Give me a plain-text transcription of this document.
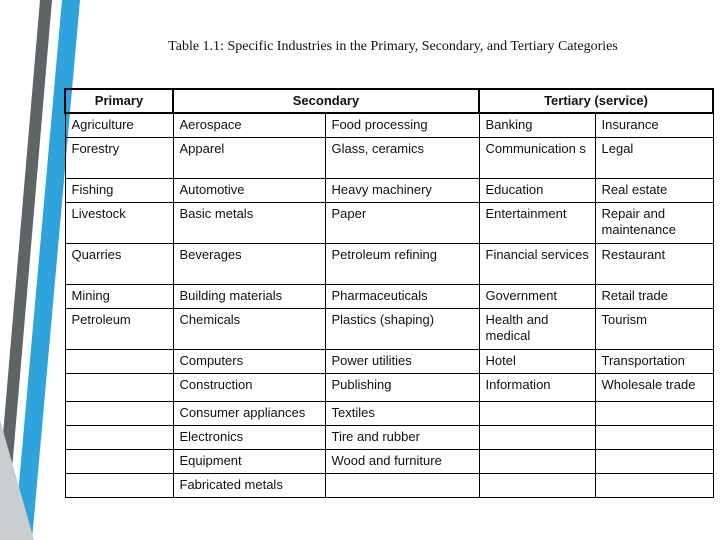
Table 1.1: Specific Industries in the Primary, Secondary, and Tertiary Categories
Primary	Secondary		Tertiary (service)	
Agriculture	Aerospace	Food processing	Banking	Insurance
Forestry	Apparel	Glass, ceramics	Communication s	Legal
Fishing	Automotive	Heavy machinery	Education	Real estate
Livestock	Basic metals	Paper	Entertainment	Repair and maintenance
Quarries	Beverages	Petroleum refining	Financial services	Restaurant
Mining	Building materials	Pharmaceuticals	Government	Retail trade
Petroleum	Chemicals	Plastics (shaping)	Health and medical	Tourism
	Computers	Power utilities	Hotel	Transportation
	Construction	Publishing	Information	Wholesale trade
	Consumer appliances	Textiles		
	Electronics	Tire and rubber		
	Equipment	Wood and furniture		
	Fabricated metals			
